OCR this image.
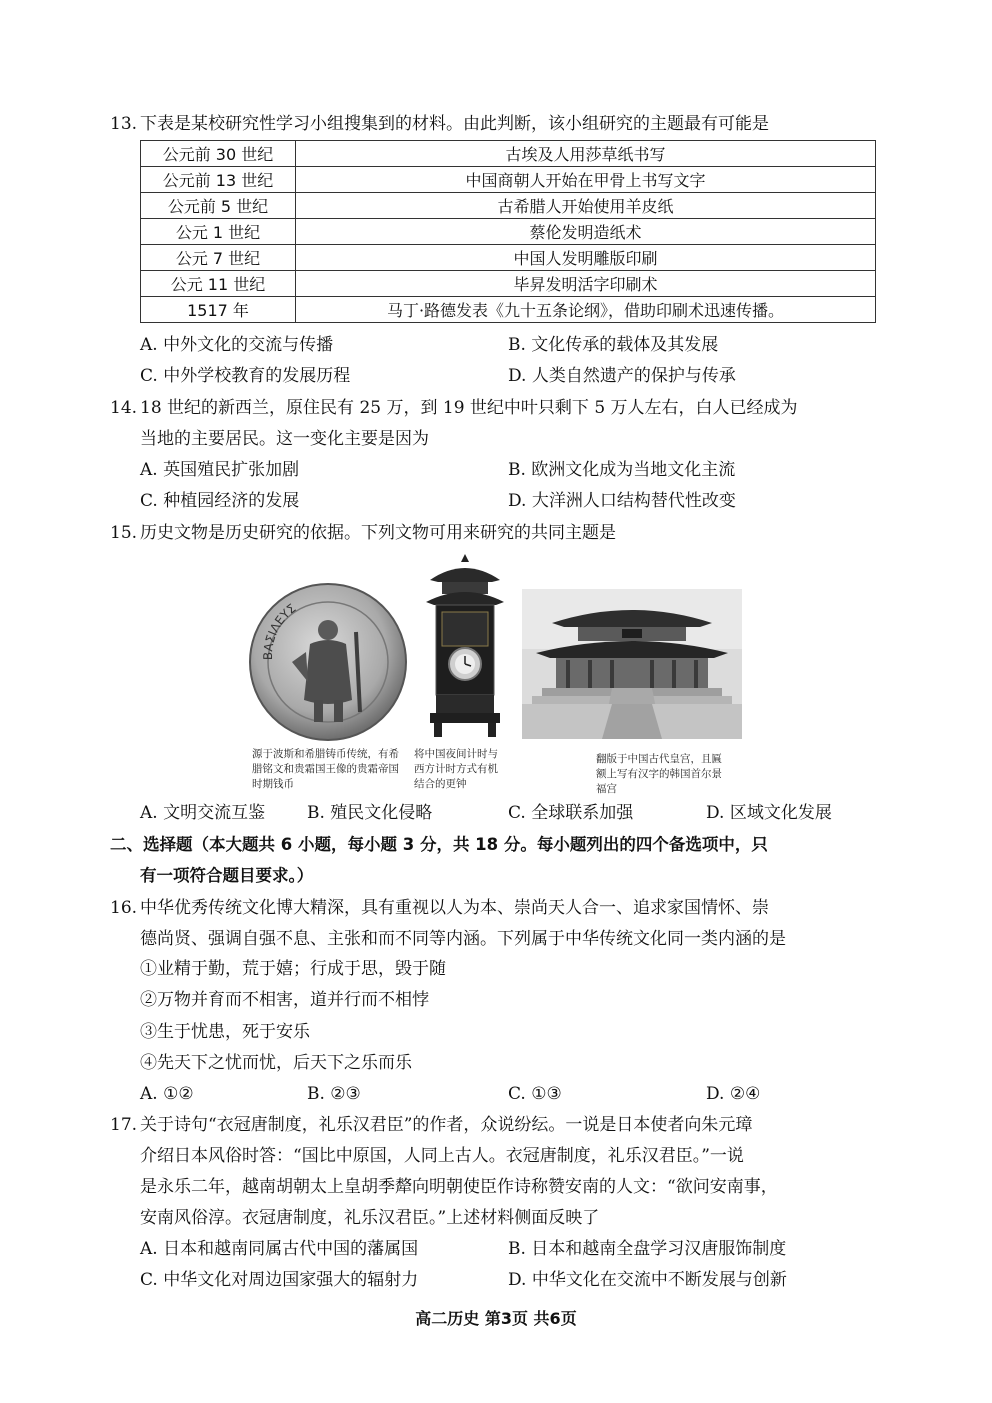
13. 下表是某校研究性学习小组搜集到的材料。由此判断，该小组研究的主题最有可能是
公元前 30 世纪	古埃及人用莎草纸书写
公元前 13 世纪	中国商朝人开始在甲骨上书写文字
公元前 5 世纪	古希腊人开始使用羊皮纸
公元 1 世纪	蔡伦发明造纸术
公元 7 世纪	中国人发明雕版印刷
公元 11 世纪	毕昇发明活字印刷术
1517 年	马丁·路德发表《九十五条论纲》，借助印刷术迅速传播。
A. 中外文化的交流与传播	B. 文化传承的载体及其发展
C. 中外学校教育的发展历程	D. 人类自然遗产的保护与传承
14. 18 世纪的新西兰，原住民有 25 万，到 19 世纪中叶只剩下 5 万人左右，白人已经成为
当地的主要居民。这一变化主要是因为
A. 英国殖民扩张加剧	B. 欧洲文化成为当地文化主流
C. 种植园经济的发展	D. 大洋洲人口结构替代性改变
15. 历史文物是历史研究的依据。下列文物可用来研究的共同主题是
ΒΑΣΙΛΕΥΣ
源于波斯和希腊铸币传统，有希腊铭文和贵霜国王像的贵霜帝国时期钱币
将中国夜间计时与西方计时方式有机结合的更钟
翻版于中国古代皇宫，且匾额上写有汉字的韩国首尔景福宫
A. 文明交流互鉴 B. 殖民文化侵略	C. 全球联系加强	D. 区域文化发展
二、选择题（本大题共 6 小题，每小题 3 分，共 18 分。每小题列出的四个备选项中，只
有一项符合题目要求。）
16. 中华优秀传统文化博大精深，具有重视以人为本、崇尚天人合一、追求家国情怀、崇
德尚贤、强调自强不息、主张和而不同等内涵。下列属于中华传统文化同一类内涵的是
①业精于勤，荒于嬉；行成于思，毁于随
②万物并育而不相害，道并行而不相悖
③生于忧患，死于安乐
④先天下之忧而忧，后天下之乐而乐
A. ①②	B. ②③	C. ①③	D. ②④
17. 关于诗句“衣冠唐制度，礼乐汉君臣”的作者，众说纷纭。一说是日本使者向朱元璋
介绍日本风俗时答：“国比中原国，人同上古人。衣冠唐制度，礼乐汉君臣。”一说
是永乐二年，越南胡朝太上皇胡季犛向明朝使臣作诗称赞安南的人文：“欲问安南事，
安南风俗淳。衣冠唐制度，礼乐汉君臣。”上述材料侧面反映了
A. 日本和越南同属古代中国的藩属国	B. 日本和越南全盘学习汉唐服饰制度
C. 中华文化对周边国家强大的辐射力	D. 中华文化在交流中不断发展与创新
高二历史 第3页 共6页
